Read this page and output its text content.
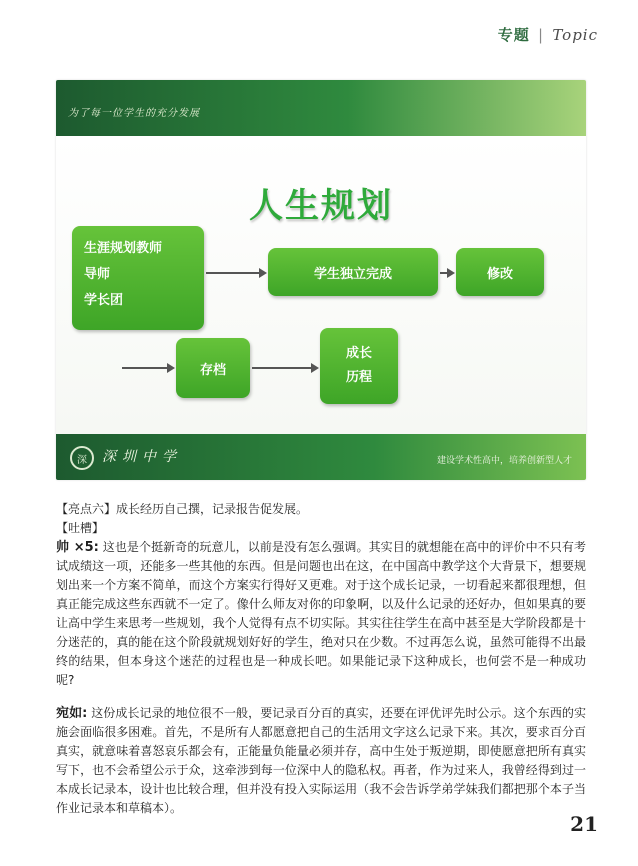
专题 | Topic
为了每一位学生的充分发展
人生规划
生涯规划教师
导师
学长团
学生独立完成	修改
存档
成长
历程
深	深圳中学	建设学术性高中，培养创新型人才

【亮点六】成长经历自己撰，记录报告促发展。

【吐槽】

帅 ×5: 这也是个挺新奇的玩意儿，以前是没有怎么强调。其实目的就想能在高中的评价中不只有考试成绩这一项，还能多一些其他的东西。但是问题也出在这，在中国高中教学这个大背景下，想要规划出来一个方案不简单，而这个方案实行得好又更难。对于这个成长记录，一切看起来都很理想，但真正能完成这些东西就不一定了。像什么师友对你的印象啊，以及什么记录的还好办，但如果真的要让高中学生来思考一些规划，我个人觉得有点不切实际。其实往往学生在高中甚至是大学阶段都是十分迷茫的，真的能在这个阶段就规划好好的学生，绝对只在少数。不过再怎么说，虽然可能得不出最终的结果，但本身这个迷茫的过程也是一种成长吧。如果能记录下这种成长，也何尝不是一种成功呢?

宛如: 这份成长记录的地位很不一般，要记录百分百的真实，还要在评优评先时公示。这个东西的实施会面临很多困难。首先，不是所有人都愿意把自己的生活用文字这么记录下来。其次，要求百分百真实，就意味着喜怒哀乐都会有，正能量负能量必须并存，高中生处于叛逆期，即使愿意把所有真实写下，也不会希望公示于众，这牵涉到每一位深中人的隐私权。再者，作为过来人，我曾经得到过一本成长记录本，设计也比较合理，但并没有投入实际运用（我不会告诉学弟学妹我们都把那个本子当作业记录本和草稿本）。

21
